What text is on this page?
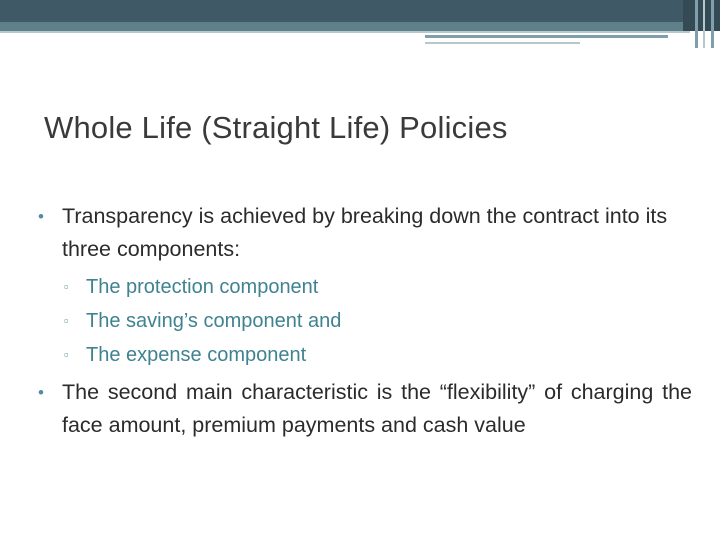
Whole Life (Straight Life) Policies
• Transparency is achieved by breaking down the contract into its three components:
▫ The protection component
▫ The saving’s component and
▫ The expense component
• The second main characteristic is the “flexibility” of charging the face amount, premium payments and cash value
